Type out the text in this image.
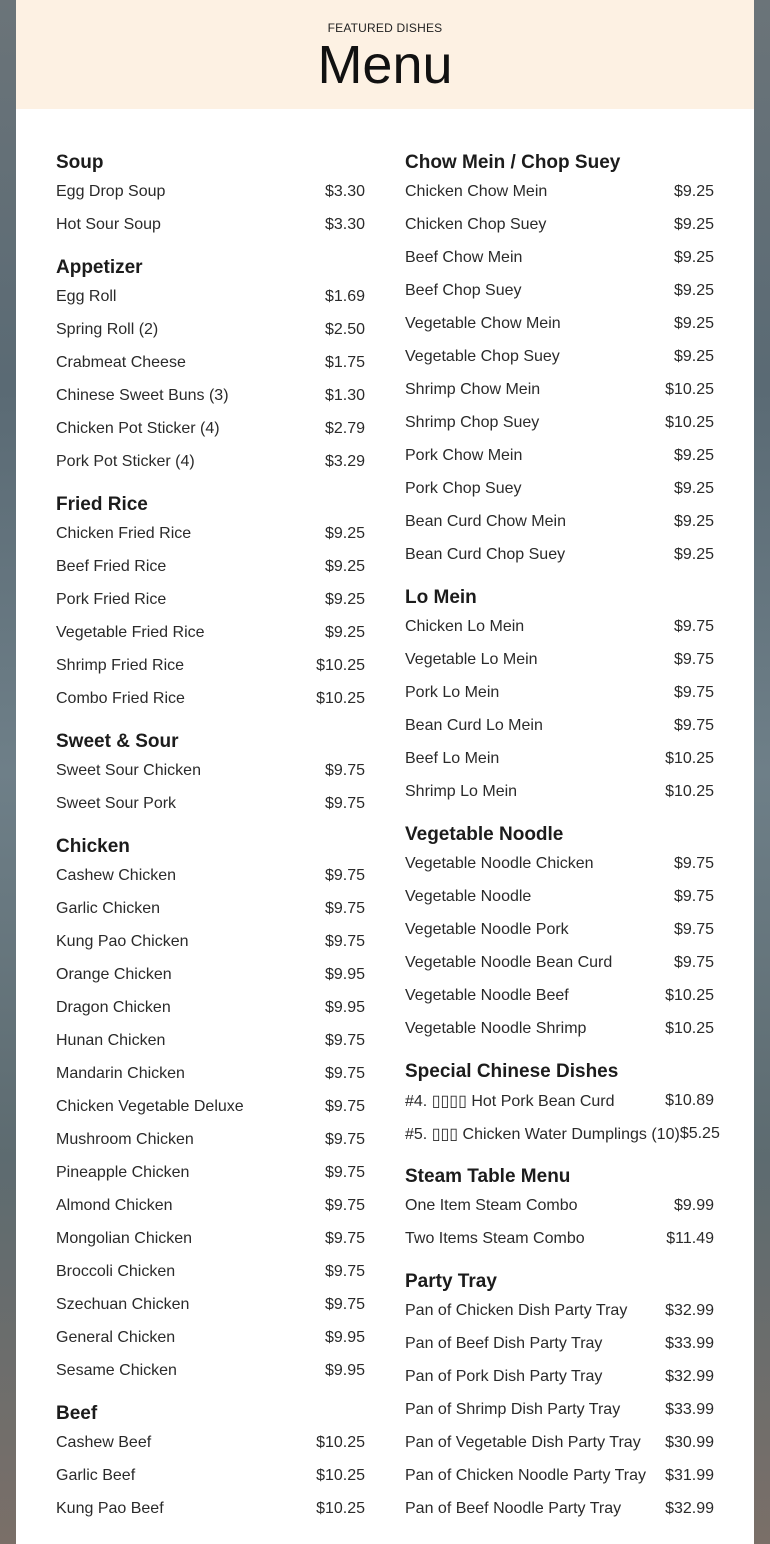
FEATURED DISHES
Menu
Soup
Egg Drop Soup	$3.30
Hot Sour Soup	$3.30
Appetizer
Egg Roll	$1.69
Spring Roll (2)	$2.50
Crabmeat Cheese	$1.75
Chinese Sweet Buns (3)	$1.30
Chicken Pot Sticker (4)	$2.79
Pork Pot Sticker (4)	$3.29
Fried Rice
Chicken Fried Rice	$9.25
Beef Fried Rice	$9.25
Pork Fried Rice	$9.25
Vegetable Fried Rice	$9.25
Shrimp Fried Rice	$10.25
Combo Fried Rice	$10.25
Sweet & Sour
Sweet Sour Chicken	$9.75
Sweet Sour Pork	$9.75
Chicken
Cashew Chicken	$9.75
Garlic Chicken	$9.75
Kung Pao Chicken	$9.75
Orange Chicken	$9.95
Dragon Chicken	$9.95
Hunan Chicken	$9.75
Mandarin Chicken	$9.75
Chicken Vegetable Deluxe	$9.75
Mushroom Chicken	$9.75
Pineapple Chicken	$9.75
Almond Chicken	$9.75
Mongolian Chicken	$9.75
Broccoli Chicken	$9.75
Szechuan Chicken	$9.75
General Chicken	$9.95
Sesame Chicken	$9.95
Beef
Cashew Beef	$10.25
Garlic Beef	$10.25
Kung Pao Beef	$10.25
Chow Mein / Chop Suey
Chicken Chow Mein	$9.25
Chicken Chop Suey	$9.25
Beef Chow Mein	$9.25
Beef Chop Suey	$9.25
Vegetable Chow Mein	$9.25
Vegetable Chop Suey	$9.25
Shrimp Chow Mein	$10.25
Shrimp Chop Suey	$10.25
Pork Chow Mein	$9.25
Pork Chop Suey	$9.25
Bean Curd Chow Mein	$9.25
Bean Curd Chop Suey	$9.25
Lo Mein
Chicken Lo Mein	$9.75
Vegetable Lo Mein	$9.75
Pork Lo Mein	$9.75
Bean Curd Lo Mein	$9.75
Beef Lo Mein	$10.25
Shrimp Lo Mein	$10.25
Vegetable Noodle
Vegetable Noodle Chicken	$9.75
Vegetable Noodle	$9.75
Vegetable Noodle Pork	$9.75
Vegetable Noodle Bean Curd	$9.75
Vegetable Noodle Beef	$10.25
Vegetable Noodle Shrimp	$10.25
Special Chinese Dishes
#4. ▯▯▯▯ Hot Pork Bean Curd	$10.89
#5. ▯▯▯ Chicken Water Dumplings (10) $5.25
Steam Table Menu
One Item Steam Combo	$9.99
Two Items Steam Combo	$11.49
Party Tray
Pan of Chicken Dish Party Tray $32.99
Pan of Beef Dish Party Tray	$33.99
Pan of Pork Dish Party Tray	$32.99
Pan of Shrimp Dish Party Tray	$33.99
Pan of Vegetable Dish Party Tray $30.99
Pan of Chicken Noodle Party Tray $31.99
Pan of Beef Noodle Party Tray	$32.99
